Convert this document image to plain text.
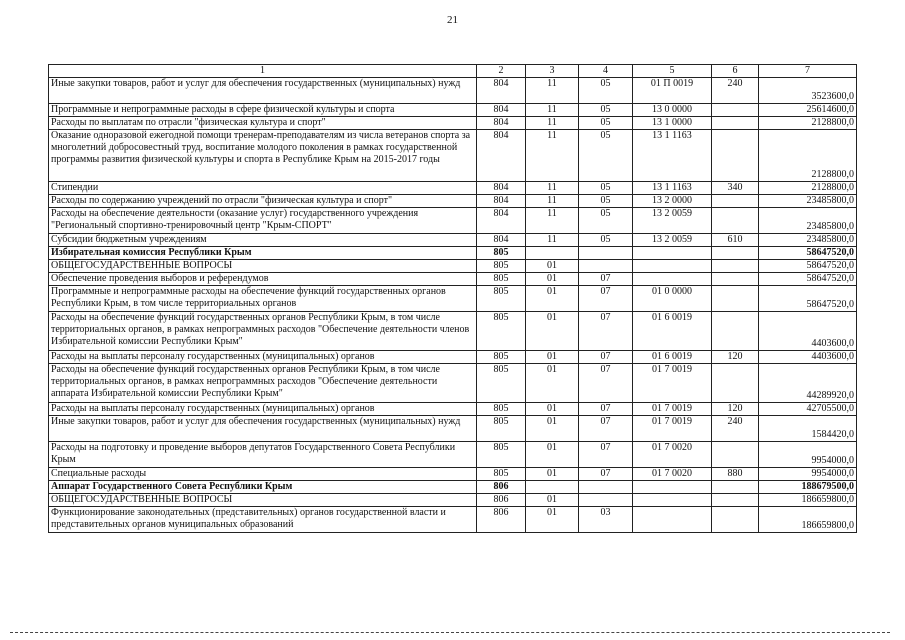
21
1	2	3	4	5	6	7
Иные закупки товаров, работ и услуг для обеспечения государственных (муниципальных) нужд	804	11	05	01 П 0019	240	3523600,0
Программные и непрограммные расходы в сфере физической культуры и спорта	804	11	05	13 0 0000		25614600,0
Расходы по выплатам по отрасли "физическая культура и спорт"	804	11	05	13 1 0000		2128800,0
Оказание одноразовой ежегодной помощи тренерам-преподавателям из числа ветеранов спорта за многолетний добросовестный труд, воспитание молодого поколения в рамках государственной программы развития физической культуры и спорта в Республике Крым на 2015-2017 годы	804	11	05	13 1 1163		2128800,0
Стипендии	804	11	05	13 1 1163	340	2128800,0
Расходы по содержанию учреждений по отрасли "физическая культура и спорт"	804	11	05	13 2 0000		23485800,0
Расходы на обеспечение деятельности (оказание услуг) государственного учреждения "Региональный спортивно-тренировочный центр "Крым-СПОРТ"	804	11	05	13 2 0059		23485800,0
Субсидии бюджетным учреждениям	804	11	05	13 2 0059	610	23485800,0
Избирательная комиссия Республики Крым	805					58647520,0
ОБЩЕГОСУДАРСТВЕННЫЕ ВОПРОСЫ	805	01				58647520,0
Обеспечение проведения выборов и референдумов	805	01	07			58647520,0
Программные и непрограммные расходы на обеспечение функций государственных органов Республики Крым, в том числе территориальных органов	805	01	07	01 0 0000		58647520,0
Расходы на обеспечение функций государственных органов Республики Крым, в том числе территориальных органов, в рамках непрограммных расходов "Обеспечение деятельности членов Избирательной комиссии Республики Крым"	805	01	07	01 6 0019		4403600,0
Расходы на выплаты персоналу государственных (муниципальных) органов	805	01	07	01 6 0019	120	4403600,0
Расходы на обеспечение функций государственных органов Республики Крым, в том числе территориальных органов, в рамках непрограммных расходов "Обеспечение деятельности аппарата Избирательной комиссии Республики Крым"	805	01	07	01 7 0019		44289920,0
Расходы на выплаты персоналу государственных (муниципальных) органов	805	01	07	01 7 0019	120	42705500,0
Иные закупки товаров, работ и услуг для обеспечения государственных (муниципальных) нужд	805	01	07	01 7 0019	240	1584420,0
Расходы на подготовку и проведение выборов депутатов Государственного Совета Республики Крым	805	01	07	01 7 0020		9954000,0
Специальные расходы	805	01	07	01 7 0020	880	9954000,0
Аппарат Государственного Совета Республики Крым	806					188679500,0
ОБЩЕГОСУДАРСТВЕННЫЕ ВОПРОСЫ	806	01				186659800,0
Функционирование законодательных (представительных) органов государственной власти и представительных органов муниципальных образований	806	01	03			186659800,0
